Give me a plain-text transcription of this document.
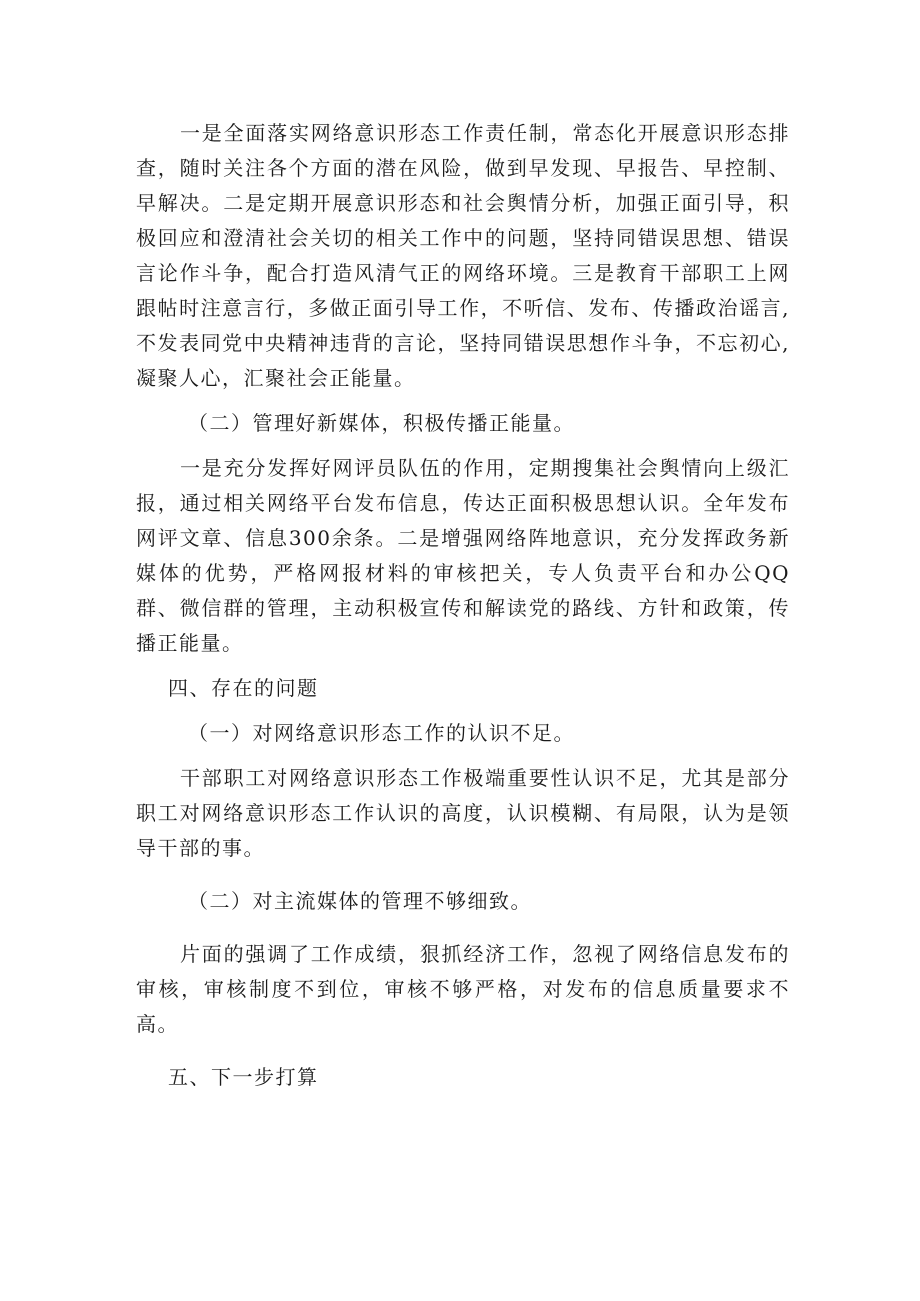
一是全面落实网络意识形态工作责任制，常态化开展意识形态排查，随时关注各个方面的潜在风险，做到早发现、早报告、早控制、早解决。二是定期开展意识形态和社会舆情分析，加强正面引导，积极回应和澄清社会关切的相关工作中的问题，坚持同错误思想、错误言论作斗争，配合打造风清气正的网络环境。三是教育干部职工上网跟帖时注意言行，多做正面引导工作，不听信、发布、传播政治谣言,不发表同党中央精神违背的言论，坚持同错误思想作斗争，不忘初心,凝聚人心，汇聚社会正能量。

（二）管理好新媒体，积极传播正能量。

一是充分发挥好网评员队伍的作用，定期搜集社会舆情向上级汇报，通过相关网络平台发布信息，传达正面积极思想认识。全年发布网评文章、信息300余条。二是增强网络阵地意识，充分发挥政务新媒体的优势，严格网报材料的审核把关，专人负责平台和办公QQ群、微信群的管理，主动积极宣传和解读党的路线、方针和政策，传播正能量。

四、存在的问题

（一）对网络意识形态工作的认识不足。

干部职工对网络意识形态工作极端重要性认识不足，尤其是部分职工对网络意识形态工作认识的高度，认识模糊、有局限，认为是领导干部的事。

（二）对主流媒体的管理不够细致。

片面的强调了工作成绩，狠抓经济工作，忽视了网络信息发布的审核，审核制度不到位，审核不够严格，对发布的信息质量要求不高。

五、下一步打算
